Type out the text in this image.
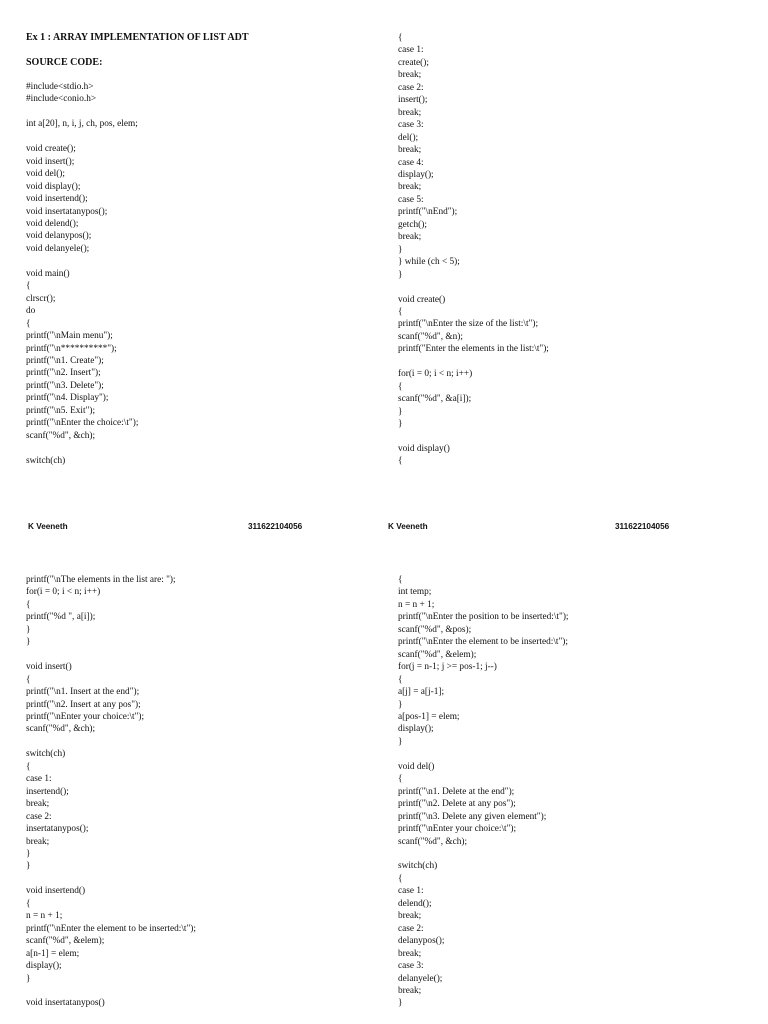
Ex 1 : ARRAY IMPLEMENTATION OF LIST ADT

SOURCE CODE:

#include<stdio.h>
#include<conio.h>

int a[20], n, i, j, ch, pos, elem;

void create();
void insert();
void del();
void display();
void insertend();
void insertatanypos();
void delend();
void delanypos();
void delanyele();

void main()
{
clrscr();
do
{
printf("\nMain menu");
printf("\n**********");
printf("\n1. Create");
printf("\n2. Insert");
printf("\n3. Delete");
printf("\n4. Display");
printf("\n5. Exit");
printf("\nEnter the choice:\t");
scanf("%d", &ch);

switch(ch)
{
case 1:
create();
break;
case 2:
insert();
break;
case 3:
del();
break;
case 4:
display();
break;
case 5:
printf("\nEnd");
getch();
break;
}
} while (ch < 5);
}

void create()
{
printf("\nEnter the size of the list:\t");
scanf("%d", &n);
printf("Enter the elements in the list:\t");

for(i = 0; i < n; i++)
{
scanf("%d", &a[i]);
}
}

void display()
{

K Veeneth	311622104056	K Veeneth	311622104056

printf("\nThe elements in the list are: ");
for(i = 0; i < n; i++)
{
printf("%d ", a[i]);
}
}

void insert()
{
printf("\n1. Insert at the end");
printf("\n2. Insert at any pos");
printf("\nEnter your choice:\t");
scanf("%d", &ch);

switch(ch)
{
case 1:
insertend();
break;
case 2:
insertatanypos();
break;
}
}

void insertend()
{
n = n + 1;
printf("\nEnter the element to be inserted:\t");
scanf("%d", &elem);
a[n-1] = elem;
display();
}

void insertatanypos()
{
int temp;
n = n + 1;
printf("\nEnter the position to be inserted:\t");
scanf("%d", &pos);
printf("\nEnter the element to be inserted:\t");
scanf("%d", &elem);
for(j = n-1; j >= pos-1; j--)
{
a[j] = a[j-1];
}
a[pos-1] = elem;
display();
}

void del()
{
printf("\n1. Delete at the end");
printf("\n2. Delete at any pos");
printf("\n3. Delete any given element");
printf("\nEnter your choice:\t");
scanf("%d", &ch);

switch(ch)
{
case 1:
delend();
break;
case 2:
delanypos();
break;
case 3:
delanyele();
break;
}
